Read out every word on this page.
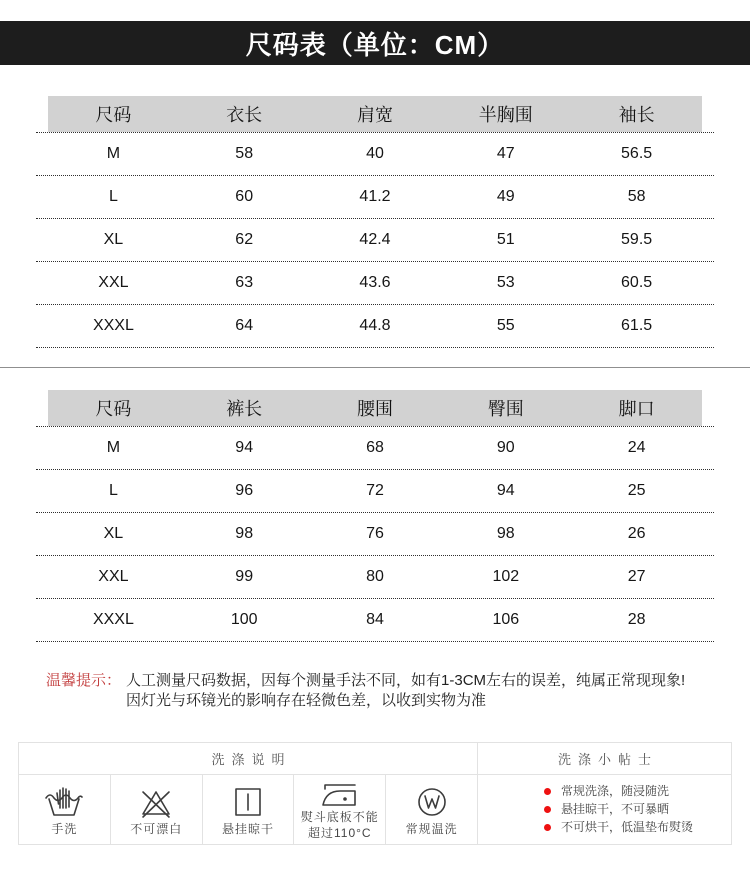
尺码表（单位：CM）
尺码	衣长	肩宽	半胸围	袖长
M	58	40	47	56.5
L	60	41.2	49	58
XL	62	42.4	51	59.5
XXL	63	43.6	53	60.5
XXXL	64	44.8	55	61.5
尺码	裤长	腰围	臀围	脚口
M	94	68	90	24
L	96	72	94	25
XL	98	76	98	26
XXL	99	80	102	27
XXXL	100	84	106	28
温馨提示： 人工测量尺码数据，因每个测量手法不同，如有1-3CM左右的误差，纯属正常现现象!
因灯光与环镜光的影响存在轻微色差，以收到实物为准
洗涤说明	洗涤小帖士
手洗	不可漂白	悬挂晾干
熨斗底板不能
超过110°C	常规温洗
常规洗涤，随浸随洗
悬挂晾干，不可暴晒
不可烘干，低温垫布熨烫
